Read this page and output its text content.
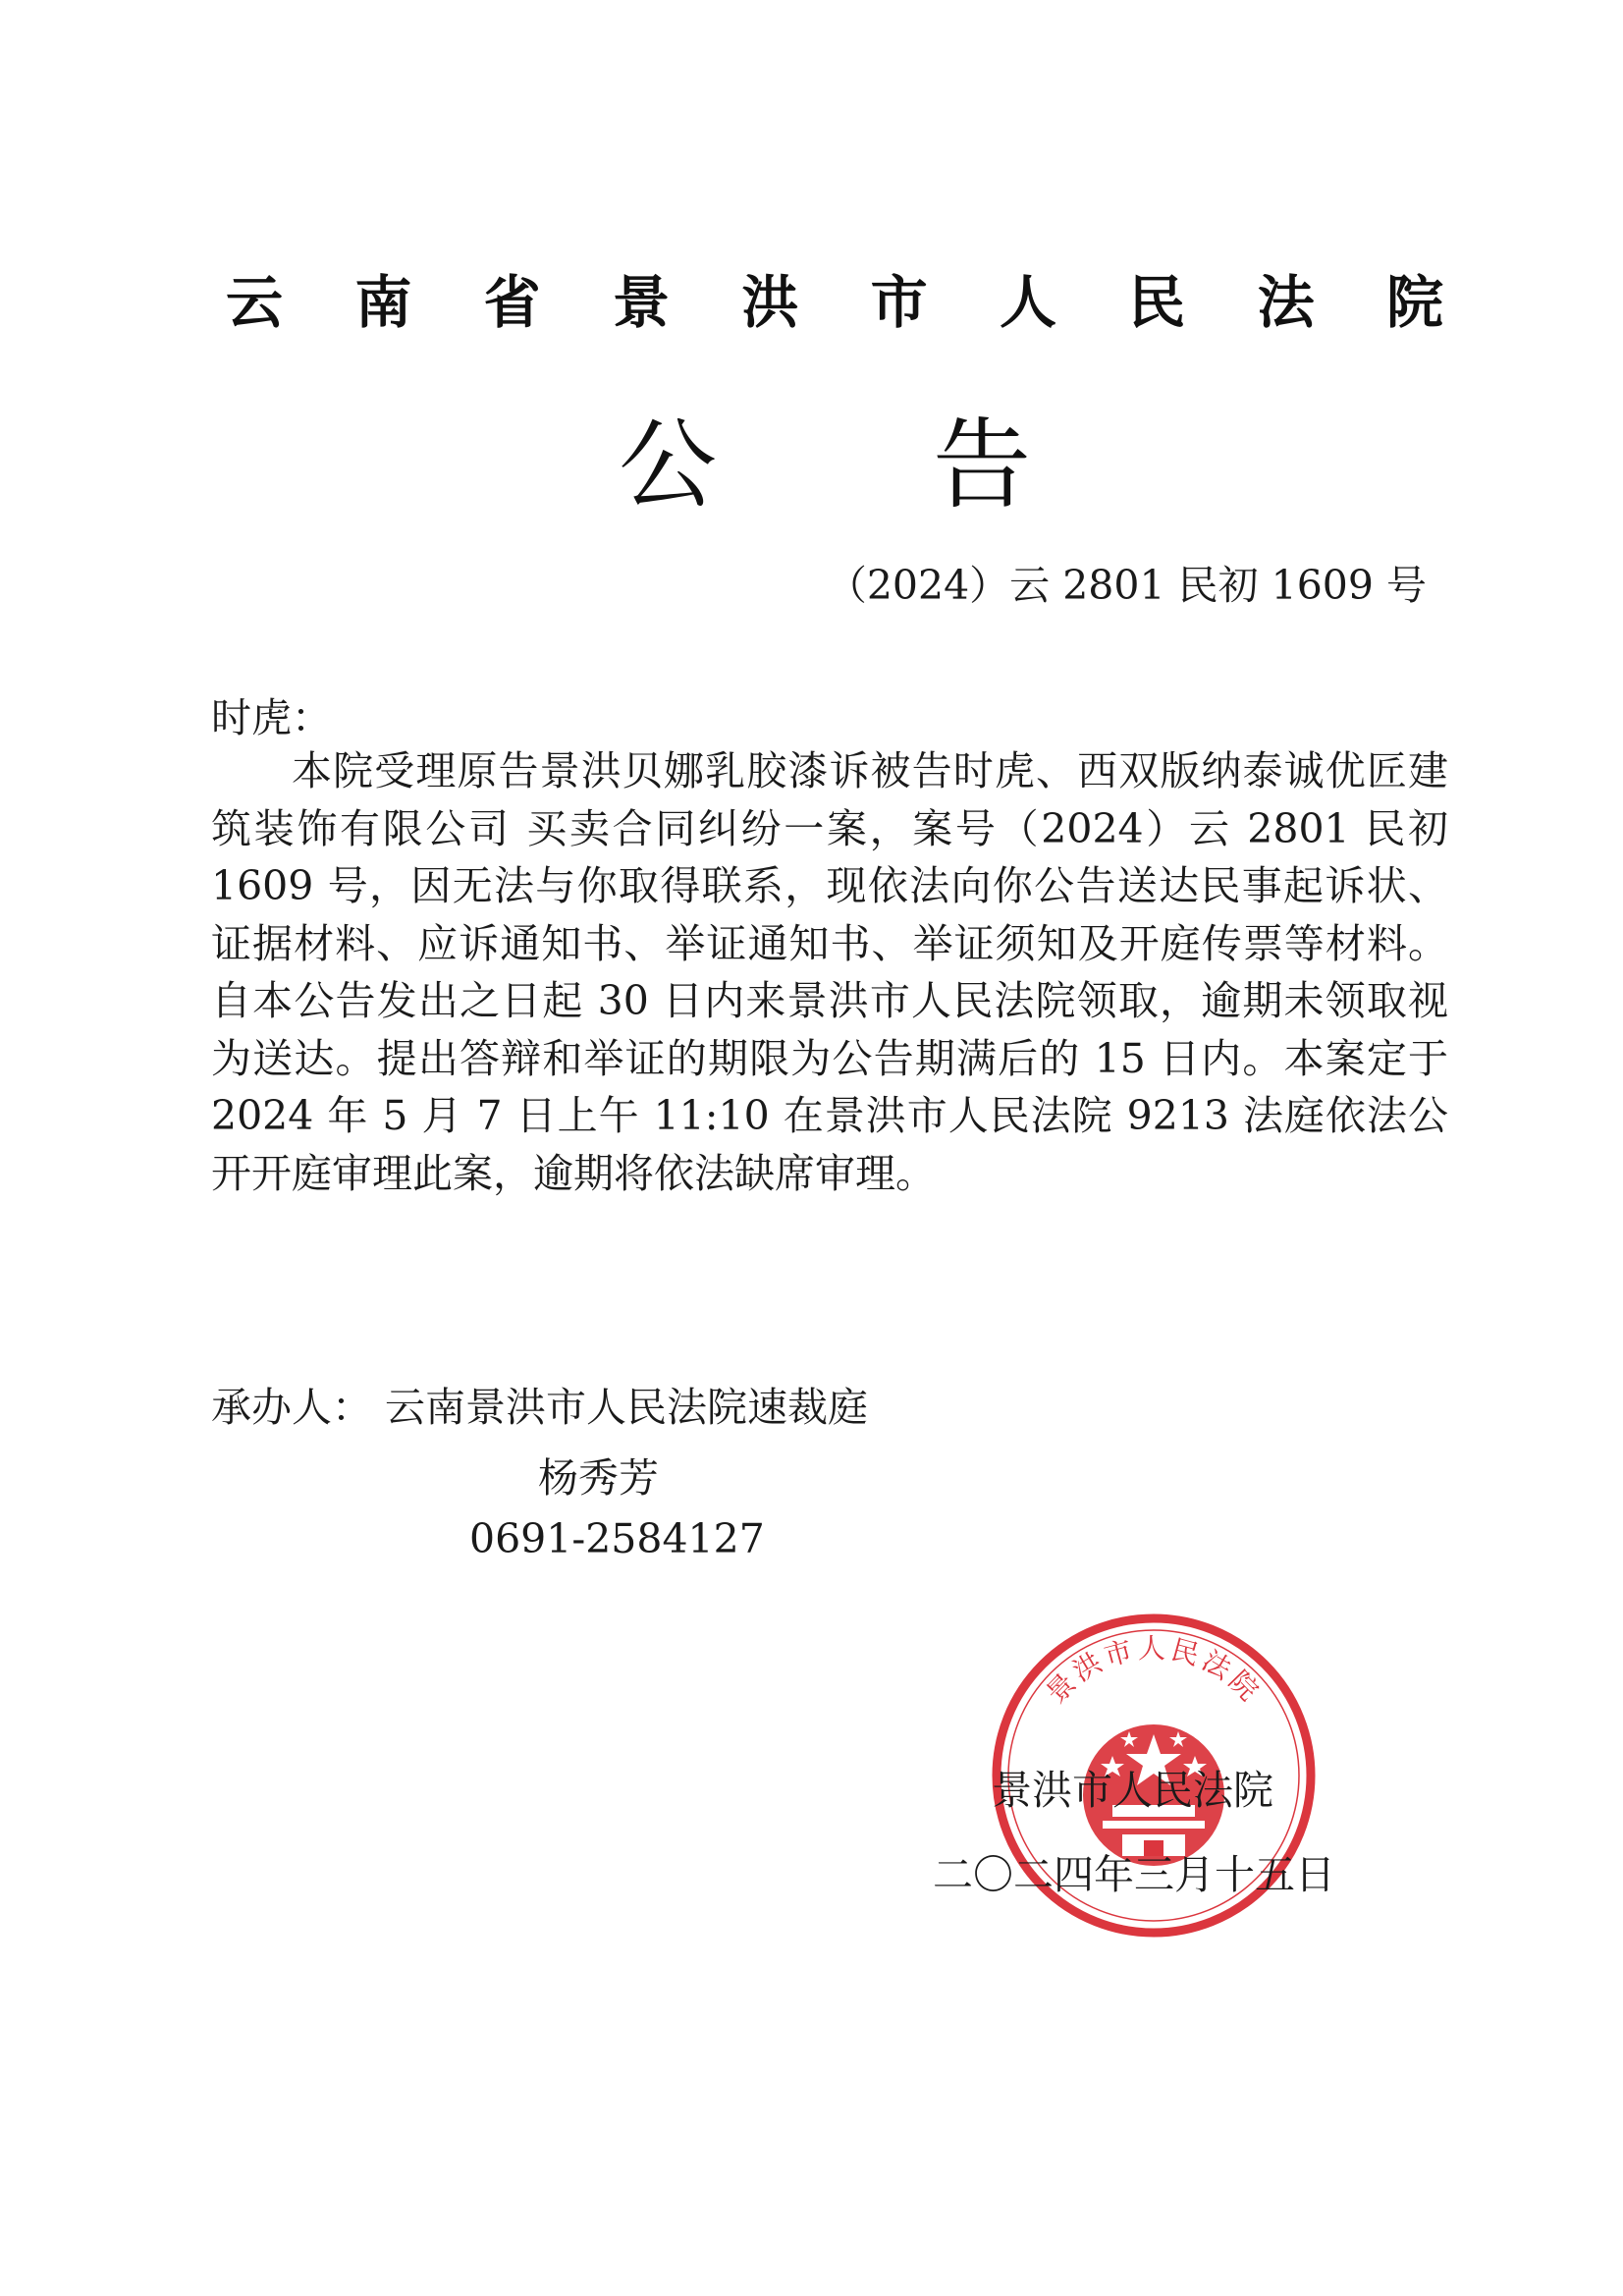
云 南 省 景 洪 市 人 民 法 院
公 告
（2024）云 2801 民初 1609 号
时虎：

本院受理原告景洪贝娜乳胶漆诉被告时虎、西双版纳泰诚优匠建筑装饰有限公司 买卖合同纠纷一案，案号（2024）云 2801 民初 1609 号，因无法与你取得联系，现依法向你公告送达民事起诉状、证据材料、应诉通知书、举证通知书、举证须知及开庭传票等材料。自本公告发出之日起 30 日内来景洪市人民法院领取，逾期未领取视为送达。提出答辩和举证的期限为公告期满后的 15 日内。本案定于 2024 年 5 月 7 日上午 11:10 在景洪市人民法院 9213 法庭依法公开开庭审理此案，逾期将依法缺席审理。

承办人： 云南景洪市人民法院速裁庭
杨秀芳
0691-2584127
景洪市人民法院
景洪市人民法院
二〇二四年三月十五日
